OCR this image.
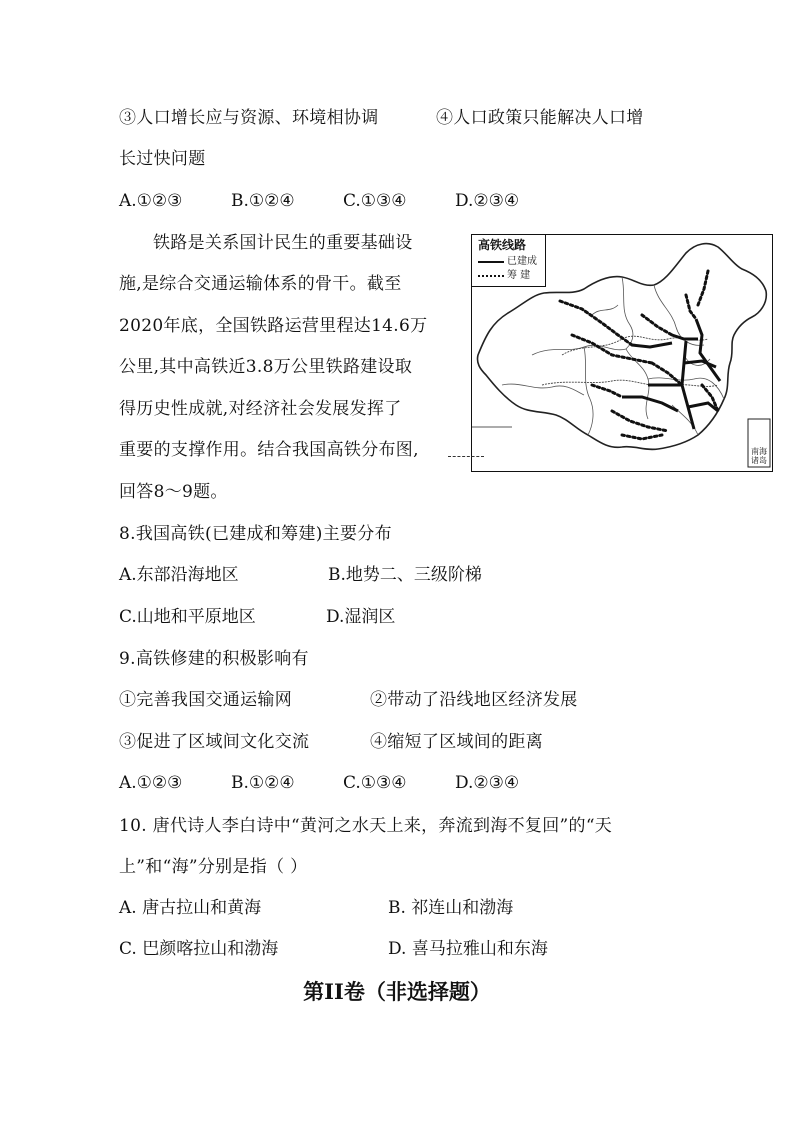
③人口增长应与资源、环境相协调	④人口政策只能解决人口增
长过快问题
A.①②③	B.①②④	C.①③④	D.②③④
铁路是关系国计民生的重要基础设
施,是综合交通运输体系的骨干。截至
2020年底，全国铁路运营里程达14.6万
公里,其中高铁近3.8万公里铁路建设取
得历史性成就,对经济社会发展发挥了
重要的支撑作用。结合我国高铁分布图,
回答8～9题。
高铁线路
已建成
筹 建
南海诸岛
8.我国高铁(已建成和筹建)主要分布
A.东部沿海地区	B.地势二、三级阶梯
C.山地和平原地区	D.湿润区
9.高铁修建的积极影响有
①完善我国交通运输网	②带动了沿线地区经济发展
③促进了区域间文化交流	④缩短了区域间的距离
A.①②③	B.①②④	C.①③④	D.②③④
10. 唐代诗人李白诗中“黄河之水天上来，奔流到海不复回”的“天
上”和“海”分别是指（ ）
A. 唐古拉山和黄海	B. 祁连山和渤海
C. 巴颜喀拉山和渤海	D. 喜马拉雅山和东海
第II卷（非选择题）
